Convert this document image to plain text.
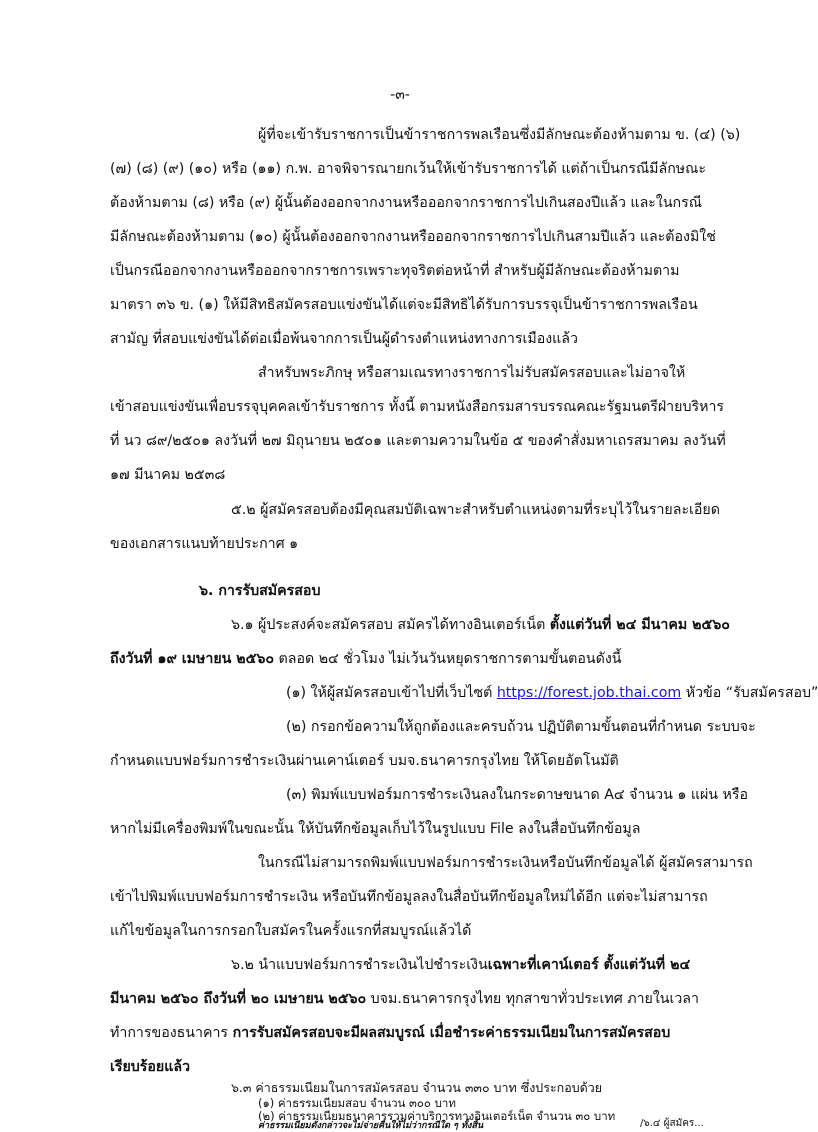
-๓-
ผู้ที่จะเข้ารับราชการเป็นข้าราชการพลเรือนซึ่งมีลักษณะต้องห้ามตาม ข. (๔) (๖)
(๗) (๘) (๙) (๑๐) หรือ (๑๑) ก.พ. อาจพิจารณายกเว้นให้เข้ารับราชการได้ แต่ถ้าเป็นกรณีมีลักษณะ
ต้องห้ามตาม (๘) หรือ (๙) ผู้นั้นต้องออกจากงานหรือออกจากราชการไปเกินสองปีแล้ว และในกรณี
มีลักษณะต้องห้ามตาม (๑๐) ผู้นั้นต้องออกจากงานหรือออกจากราชการไปเกินสามปีแล้ว และต้องมิใช่
เป็นกรณีออกจากงานหรือออกจากราชการเพราะทุจริตต่อหน้าที่ สำหรับผู้มีลักษณะต้องห้ามตาม
มาตรา ๓๖ ข. (๑) ให้มีสิทธิสมัครสอบแข่งขันได้แต่จะมีสิทธิได้รับการบรรจุเป็นข้าราชการพลเรือน
สามัญ ที่สอบแข่งขันได้ต่อเมื่อพ้นจากการเป็นผู้ดำรงตำแหน่งทางการเมืองแล้ว
สำหรับพระภิกษุ หรือสามเณรทางราชการไม่รับสมัครสอบและไม่อาจให้
เข้าสอบแข่งขันเพื่อบรรจุบุคคลเข้ารับราชการ ทั้งนี้ ตามหนังสือกรมสารบรรณคณะรัฐมนตรีฝ่ายบริหาร
ที่ นว ๘๙/๒๕๐๑ ลงวันที่ ๒๗ มิถุนายน ๒๕๐๑ และตามความในข้อ ๕ ของคำสั่งมหาเถรสมาคม ลงวันที่
๑๗ มีนาคม ๒๕๓๘
๕.๒ ผู้สมัครสอบต้องมีคุณสมบัติเฉพาะสำหรับตำแหน่งตามที่ระบุไว้ในรายละเอียด
ของเอกสารแนบท้ายประกาศ ๑
๖. การรับสมัครสอบ
๖.๑ ผู้ประสงค์จะสมัครสอบ สมัครได้ทางอินเตอร์เน็ต ตั้งแต่วันที่ ๒๔ มีนาคม ๒๕๖๐
ถึงวันที่ ๑๙ เมษายน ๒๕๖๐ ตลอด ๒๔ ชั่วโมง ไม่เว้นวันหยุดราชการตามขั้นตอนดังนี้
(๑) ให้ผู้สมัครสอบเข้าไปที่เว็บไซต์ https://forest.job.thai.com หัวข้อ “รับสมัครสอบ”
(๒) กรอกข้อความให้ถูกต้องและครบถ้วน ปฏิบัติตามขั้นตอนที่กำหนด ระบบจะ
กำหนดแบบฟอร์มการชำระเงินผ่านเคาน์เตอร์ บมจ.ธนาคารกรุงไทย ให้โดยอัตโนมัติ
(๓) พิมพ์แบบฟอร์มการชำระเงินลงในกระดาษขนาด A๔ จำนวน ๑ แผ่น หรือ
หากไม่มีเครื่องพิมพ์ในขณะนั้น ให้บันทึกข้อมูลเก็บไว้ในรูปแบบ File ลงในสื่อบันทึกข้อมูล
ในกรณีไม่สามารถพิมพ์แบบฟอร์มการชำระเงินหรือบันทึกข้อมูลได้ ผู้สมัครสามารถ
เข้าไปพิมพ์แบบฟอร์มการชำระเงิน หรือบันทึกข้อมูลลงในสื่อบันทึกข้อมูลใหม่ได้อีก แต่จะไม่สามารถ
แก้ไขข้อมูลในการกรอกใบสมัครในครั้งแรกที่สมบูรณ์แล้วได้
๖.๒ นำแบบฟอร์มการชำระเงินไปชำระเงินเฉพาะที่เคาน์เตอร์ ตั้งแต่วันที่ ๒๔
มีนาคม ๒๕๖๐ ถึงวันที่ ๒๐ เมษายน ๒๕๖๐ บจม.ธนาคารกรุงไทย ทุกสาขาทั่วประเทศ ภายในเวลา
ทำการของธนาคาร การรับสมัครสอบจะมีผลสมบูรณ์ เมื่อชำระค่าธรรมเนียมในการสมัครสอบ
เรียบร้อยแล้ว
๖.๓ ค่าธรรมเนียมในการสมัครสอบ จำนวน ๓๓๐ บาท ซึ่งประกอบด้วย
(๑) ค่าธรรมเนียมสอบ จำนวน ๓๐๐ บาท
(๒) ค่าธรรมเนียมธนาคารรวมค่าบริการทางอินเตอร์เน็ต จำนวน ๓๐ บาท
ค่าธรรมเนียมดังกล่าวจะไม่จ่ายคืนให้ไม่ว่ากรณีใด ๆ ทั้งสิ้น	/๖.๔ ผู้สมัคร...
